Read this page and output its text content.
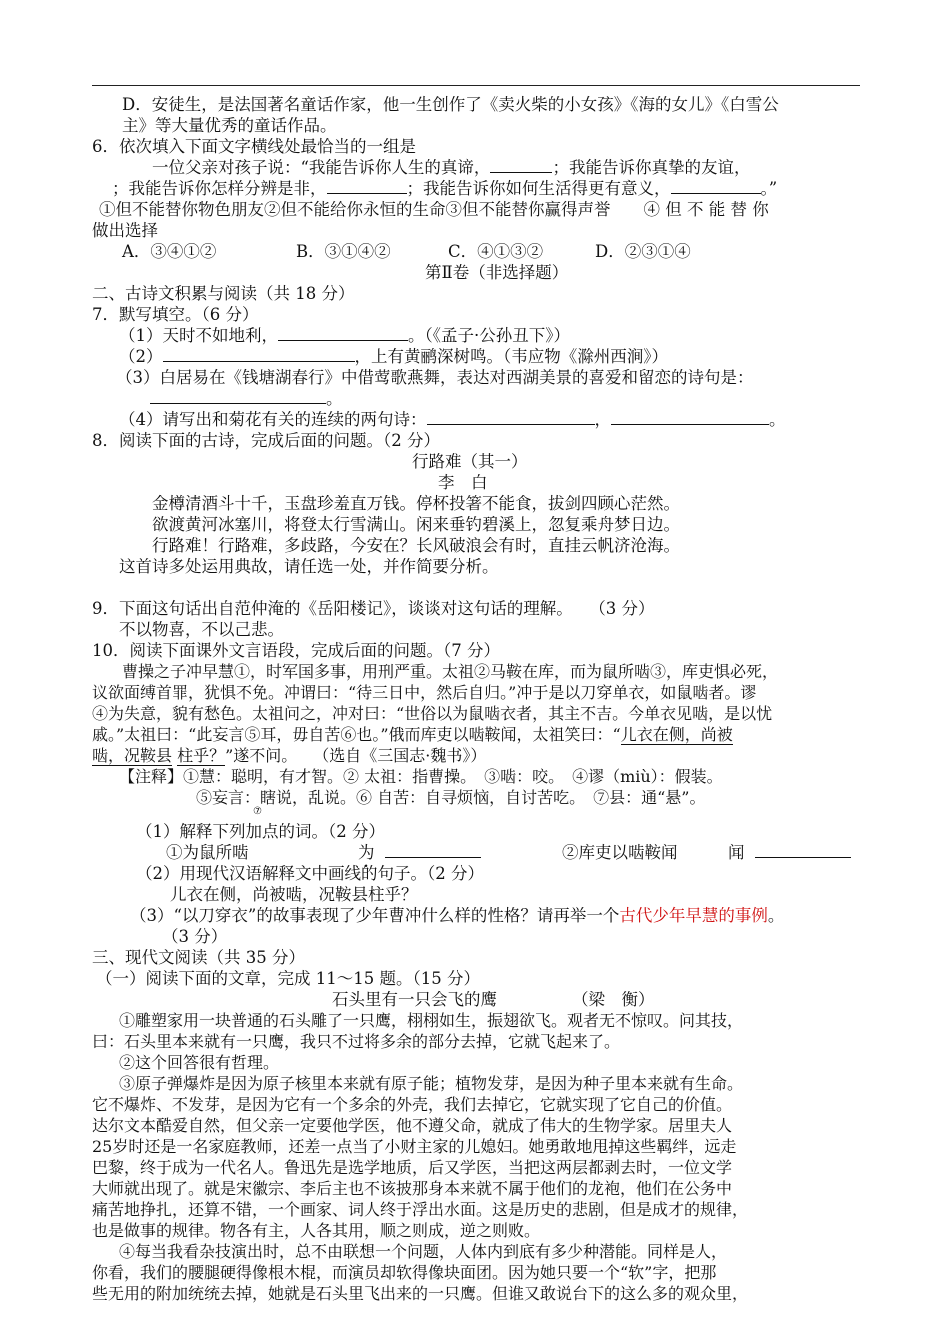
D．安徒生，是法国著名童话作家，他一生创作了《卖火柴的小女孩》《海的女儿》《白雪公
主》等大量优秀的童话作品。
6．依次填入下面文字横线处最恰当的一组是
一位父亲对孩子说：“我能告诉你人生的真谛，	；我能告诉你真挚的友谊，
；我能告诉你怎样分辨是非，	；我能告诉你如何生活得更有意义，	。”
①但不能替你物色朋友②但不能给你永恒的生命③但不能替你赢得声誉　　④ 但 不 能 替 你
做出选择
A．③④①②	B．③①④②	C．④①③②	D．②③①④
第Ⅱ卷（非选择题）
二、古诗文积累与阅读（共 18 分）
7．默写填空。（6 分）
（1）天时不如地利，	。（《孟子·公孙丑下》）
（2）	，上有黄鹂深树鸣。（韦应物《滁州西涧》）
（3）白居易在《钱塘湖春行》中借莺歌燕舞，表达对西湖美景的喜爱和留恋的诗句是：
。
（4）请写出和菊花有关的连续的两句诗：	，	。
8．阅读下面的古诗，完成后面的问题。（2 分）
行路难（其一）
李　白
金樽清酒斗十千，玉盘珍羞直万钱。停杯投箸不能食，拔剑四顾心茫然。
欲渡黄河冰塞川，将登太行雪满山。闲来垂钓碧溪上，忽复乘舟梦日边。
行路难！行路难，多歧路，今安在？长风破浪会有时，直挂云帆济沧海。
这首诗多处运用典故，请任选一处，并作简要分析。
9．下面这句话出自范仲淹的《岳阳楼记》，谈谈对这句话的理解。　　（3 分）
不以物喜，不以己悲。
10．阅读下面课外文言语段，完成后面的问题。（7 分）
曹操之子冲早慧①，时军国多事，用刑严重。太祖②马鞍在库，而为鼠所啮③，库吏惧必死，
议欲面缚首罪，犹惧不免。冲谓曰：“待三日中，然后自归。”冲于是以刀穿单衣，如鼠啮者。谬
④为失意，貌有愁色。太祖问之，冲对曰：“世俗以为鼠啮衣者，其主不吉。今单衣见啮，是以忧
戚。”太祖曰：“此妄言⑤耳，毋自苦⑥也。”俄而库吏以啮鞍闻，太祖笑曰：“儿衣在侧，尚被
啮，况鞍县 柱乎？”遂不问。　　（选自《三国志·魏书》）
【注释】①慧：聪明，有才智。② 太祖：指曹操。　③啮：咬。　④谬（miù）：假装。
⑤妄言：瞎说，乱说。⑥ 自苦：自寻烦恼，自讨苦吃。　⑦县：通“悬”。
⑦
（1）解释下列加点的词。（2 分）
①为鼠所啮	为	②库吏以啮鞍闻	闻
（2）用现代汉语解释文中画线的句子。（2 分）
儿衣在侧，尚被啮，况鞍县柱乎？
（3）“以刀穿衣”的故事表现了少年曹冲什么样的性格？请再举一个古代少年早慧的事例。
（3 分）
三、现代文阅读（共 35 分）
（一）阅读下面的文章，完成 11～15 题。（15 分）
石头里有一只会飞的鹰	（梁　衡）
①雕塑家用一块普通的石头雕了一只鹰，栩栩如生，振翅欲飞。观者无不惊叹。问其技，
曰：石头里本来就有一只鹰，我只不过将多余的部分去掉，它就飞起来了。
②这个回答很有哲理。
③原子弹爆炸是因为原子核里本来就有原子能；植物发芽，是因为种子里本来就有生命。
它不爆炸、不发芽，是因为它有一个多余的外壳，我们去掉它，它就实现了它自己的价值。
达尔文本酷爱自然，但父亲一定要他学医，他不遵父命，就成了伟大的生物学家。居里夫人
25岁时还是一名家庭教师，还差一点当了小财主家的儿媳妇。她勇敢地甩掉这些羁绊，远走
巴黎，终于成为一代名人。鲁迅先是选学地质，后又学医，当把这两层都剥去时，一位文学
大师就出现了。就是宋徽宗、李后主也不该披那身本来就不属于他们的龙袍，他们在公务中
痛苦地挣扎，还算不错，一个画家、词人终于浮出水面。这是历史的悲剧，但是成才的规律，
也是做事的规律。物各有主，人各其用，顺之则成，逆之则败。
④每当我看杂技演出时，总不由联想一个问题，人体内到底有多少种潜能。同样是人，
你看，我们的腰腿硬得像根木棍，而演员却软得像块面团。因为她只要一个“软”字，把那
些无用的附加统统去掉，她就是石头里飞出来的一只鹰。但谁又敢说台下的这么多的观众里，
